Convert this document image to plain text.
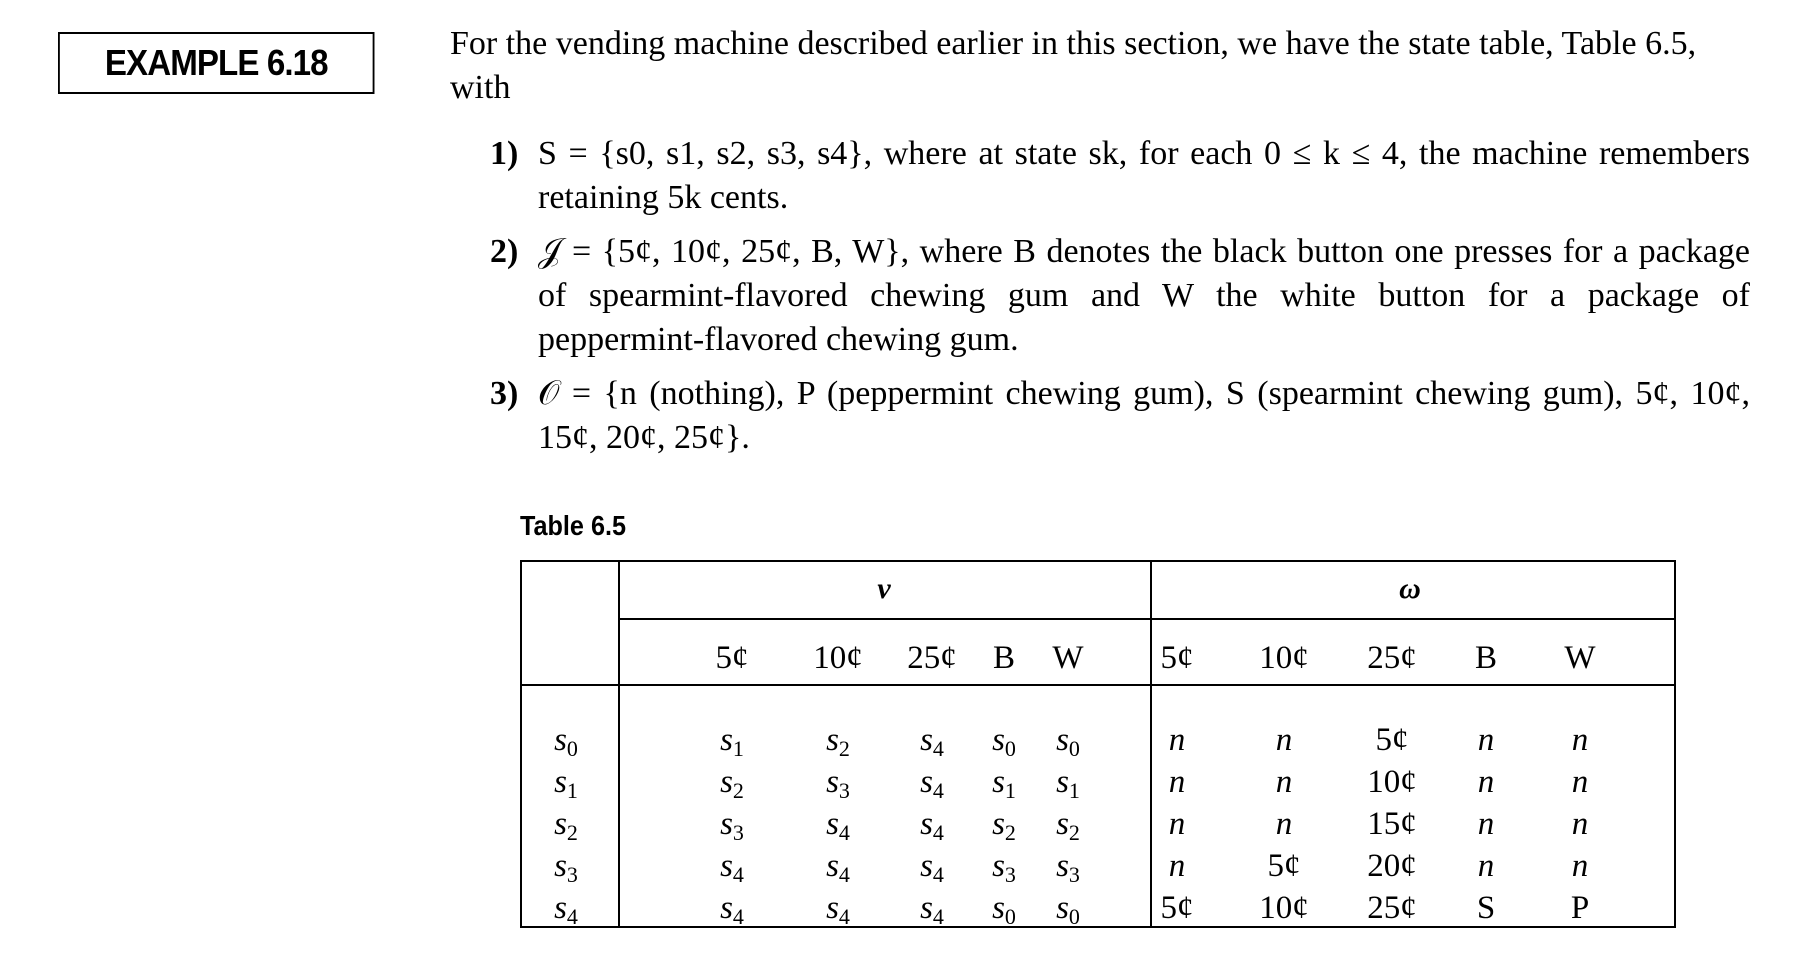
EXAMPLE 6.18	For the vending machine described earlier in this section, we have the state table, Table 6.5, with
1) S = {s0, s1, s2, s3, s4}, where at state sk, for each 0 ≤ k ≤ 4, the machine remembers retaining 5k cents.
2) 𝒥 = {5¢, 10¢, 25¢, B, W}, where B denotes the black button one presses for a package of spearmint-flavored chewing gum and W the white button for a package of peppermint-flavored chewing gum.
3) 𝒪 = {n (nothing), P (peppermint chewing gum), S (spearmint chewing gum), 5¢, 10¢, 15¢, 20¢, 25¢}.
Table 6.5
ν	ω
5¢	10¢	25¢	B	W	5¢	10¢	25¢	B	W
$s_0$	$s_1$	$s_2$	$s_4$	$s_0$	$s_0$	n	n	5¢	n	n
$s_1$	$s_2$	$s_3$	$s_4$	$s_1$	$s_1$	n	n	10¢	n	n
$s_2$	$s_3$	$s_4$	$s_4$	$s_2$	$s_2$	n	n	15¢	n	n
$s_3$	$s_4$	$s_4$	$s_4$	$s_3$	$s_3$	n	5¢	20¢	n	n
$s_4$	$s_4$	$s_4$	$s_4$	$s_0$	$s_0$	5¢	10¢	25¢	S	P
